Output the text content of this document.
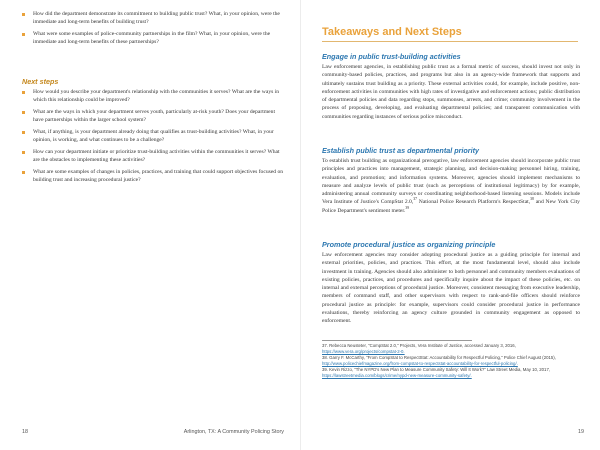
How did the department demonstrate its commitment to building public trust? What, in your opinion, were the immediate and long-term benefits of building trust?
What were some examples of police-community partnerships in the film? What, in your opinion, were the immediate and long-term benefits of these partnerships?
Next steps
How would you describe your department's relationship with the communities it serves? What are the ways in which this relationship could be improved?
What are the ways in which your department serves youth, particularly at-risk youth? Does your department have partnerships within the larger school system?
What, if anything, is your department already doing that qualifies as trust-building activities? What, in your opinion, is working, and what continues to be a challenge?
How can your department initiate or prioritize trust-building activities within the communities it serves? What are the obstacles to implementing these activities?
What are some examples of changes in policies, practices, and training that could support objectives focused on building trust and increasing procedural justice?
18	Arlington, TX: A Community Policing Story
Takeaways and Next Steps
Engage in public trust-building activities
Law enforcement agencies, in establishing public trust as a formal metric of success, should invest not only in community-based policies, practices, and programs but also in an agency-wide framework that supports and ultimately sustains trust building as a priority. These external activities could, for example, include positive, non-enforcement activities in communities with high rates of investigative and enforcement actions; public distribution of departmental policies and data regarding stops, summonses, arrests, and crime; community involvement in the process of proposing, developing, and evaluating departmental policies; and transparent communication with communities regarding instances of serious police misconduct.
Establish public trust as departmental priority
To establish trust building as organizational prerogative, law enforcement agencies should incorporate public trust principles and practices into management, strategic planning, and decision-making personnel hiring, training, evaluation, and promotion; and information systems. Moreover, agencies should implement mechanisms to measure and analyze levels of public trust (such as perceptions of institutional legitimacy) by for example, administering annual community surveys or coordinating neighborhood-based listening sessions. Models include Vera Institute of Justice's CompStat 2.0,37 National Police Research Platform's RespectStat,$^{38}$ and New York City Police Department's sentiment meter.$^{39}$
Promote procedural justice as organizing principle
Law enforcement agencies may consider adopting procedural justice as a guiding principle for internal and external priorities, policies, and practices. This effort, at the most fundamental level, should also include investment in training. Agencies should also administer to both personnel and community members evaluations of existing policies, practices, and procedures and specifically inquire about the impact of these policies, etc. on internal and external perceptions of procedural justice. Moreover, consistent messaging from executive leadership, members of command staff, and other supervisors with respect to rank-and-file officers should reinforce procedural justice as principle: for example, supervisors could consider procedural justice in performance evaluations, thereby reinforcing an agency culture grounded in community engagement as opposed to enforcement.
37. Rebecca Neusteter, "CompStat 2.0," Projects, Vera Institute of Justice, accessed January 3, 2016,
https://www.vera.org/projects/compstat-2-0.
38. Garry F. McCarthy, "From CompStat to RespectStat: Accountability for Respectful Policing," Police Chief August (2015),
http://www.policechiefmagazine.org/from-compstat-to-respectstat-accountability-for-respectful-policing/.
39. Kevin Rizzo, "The NYPD's New Plan to Measure Community Safety: Will It Work?" Law Street Media, May 10, 2017,
https://lawstreetmedia.com/blogs/crime/nypd-new-measure-community-safety/.
19
